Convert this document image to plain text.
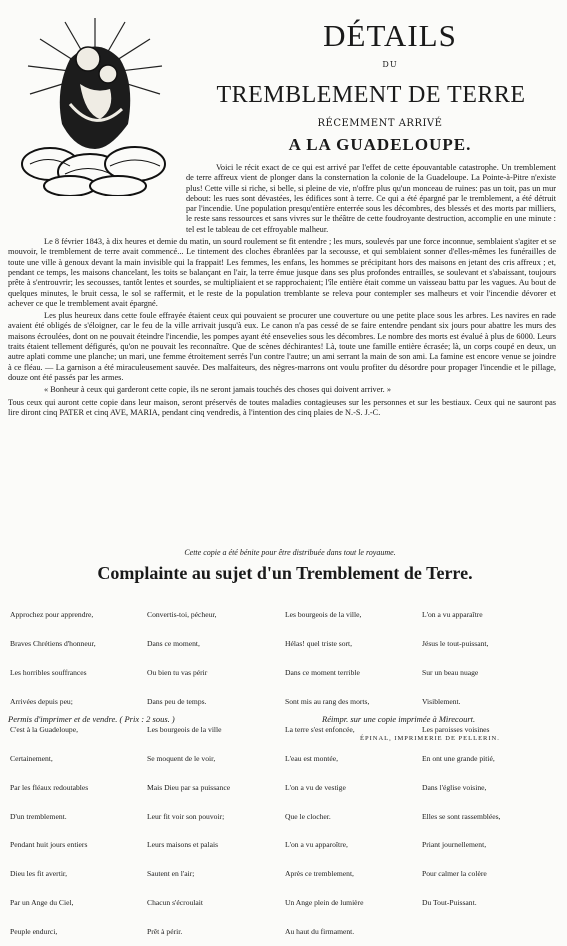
DÉTAILS
DU
TREMBLEMENT DE TERRE
RÉCEMMENT ARRIVÉ
A LA GUADELOUPE.

Voici le récit exact de ce qui est arrivé par l'effet de cette épouvantable catastrophe. Un tremblement de terre affreux vient de plonger dans la consternation la colonie de la Guadeloupe. La Pointe-à-Pitre n'existe plus! Cette ville si riche, si belle, si pleine de vie, n'offre plus qu'un monceau de ruines: pas un toit, pas un mur debout: les rues sont dévastées, les édifices sont à terre. Ce qui a été épargné par le tremblement, a été détruit par l'incendie. Une population presqu'entière enterrée sous les décombres, des blessés et des morts par milliers, le reste sans ressources et sans vivres sur le théâtre de cette foudroyante destruction, accomplie en une minute : tel est le tableau de cet effroyable malheur.

Le 8 février 1843, à dix heures et demie du matin, un sourd roulement se fit entendre ; les murs, soulevés par une force inconnue, semblaient s'agiter et se mouvoir, le tremblement de terre avait commencé... Le tintement des cloches ébranlées par la secousse, et qui semblaient sonner d'elles-mêmes les funérailles de toute une ville à genoux devant la main invisible qui la frappait! Les femmes, les enfans, les hommes se précipitant hors des maisons en jetant des cris affreux ; et, pendant ce temps, les maisons chancelant, les toits se balançant en l'air, la terre émue jusque dans ses plus profondes entrailles, se soulevant et s'abaissant, toujours prête à s'entrouvrir; les secousses, tantôt lentes et sourdes, se multipliaient et se rapprochaient; l'île entière était comme un vaisseau battu par les vagues. Au bout de quelques minutes, le bruit cessa, le sol se raffermit, et le reste de la population tremblante se releva pour contempler ses malheurs et voir l'incendie dévorer et achever ce que le tremblement avait épargné.

Les plus heureux dans cette foule effrayée étaient ceux qui pouvaient se procurer une couverture ou une petite place sous les arbres. Les navires en rade avaient été obligés de s'éloigner, car le feu de la ville arrivait jusqu'à eux. Le canon n'a pas cessé de se faire entendre pendant six jours pour abattre les murs des maisons écroulées, dont on ne pouvait éteindre l'incendie, les pompes ayant été ensevelies sous les décombres. Le nombre des morts est évalué à plus de 6000. Leurs traits étaient tellement défigurés, qu'on ne pouvait les reconnaître. Que de scènes déchirantes! Là, toute une famille entière écrasée; là, un corps coupé en deux, un autre aplati comme une planche; un mari, une femme étroitement serrés l'un contre l'autre; un ami serrant la main de son ami. La famine est encore venue se joindre à ce fléau. — La garnison a été miraculeusement sauvée. Des malfaiteurs, des nègres-marrons ont voulu profiter du désordre pour propager l'incendie et le pillage, douze ont été passés par les armes.

« Bonheur à ceux qui garderont cette copie, ils ne seront jamais touchés des choses qui doivent arriver. »

Tous ceux qui auront cette copie dans leur maison, seront préservés de toutes maladies contagieuses sur les personnes et sur les bestiaux. Ceux qui ne sauront pas lire diront cinq PATER et cinq AVE, MARIA, pendant cinq vendredis, à l'intention des cinq plaies de N.-S. J.-C.

Cette copie a été bénite pour être distribuée dans tout le royaume.
Complainte au sujet d'un Tremblement de Terre.

Approchez pour apprendre,

Braves Chrétiens d'honneur,

Les horribles souffrances

Arrivées depuis peu;

C'est à la Guadeloupe,

Certainement,

Par les fléaux redoutables

D'un tremblement.

Pendant huit jours entiers

Dieu les fit avertir,

Par un Ange du Ciel,

Peuple endurci,

Convertis-toi, pécheur,

Dans ce moment,

Ou bien tu vas périr

Dans peu de temps.

Les bourgeois de la ville

Se moquent de le voir,

Mais Dieu par sa puissance

Leur fit voir son pouvoir;

Leurs maisons et palais

Sautent en l'air;

Chacun s'écroulait

Prêt à périr.

Les bourgeois de la ville,

Hélas! quel triste sort,

Dans ce moment terrible

Sont mis au rang des morts,

La terre s'est enfoncée,

L'eau est montée,

L'on a vu de vestige

Que le clocher.

L'on a vu apparoître,

Après ce tremblement,

Un Ange plein de lumière

Au haut du firmament.

L'on a vu apparaître

Jésus le tout-puissant,

Sur un beau nuage

Visiblement.

Les paroisses voisines

En ont une grande pitié,

Dans l'église voisine,

Elles se sont rassemblées,

Priant journellement,

Pour calmer la colère

Du Tout-Puissant.

Permis d'imprimer et de vendre. ( Prix : 2 sous. )	Réimpr. sur une copie imprimée à Mirecourt.
ÉPINAL, IMPRIMERIE DE PELLERIN.
